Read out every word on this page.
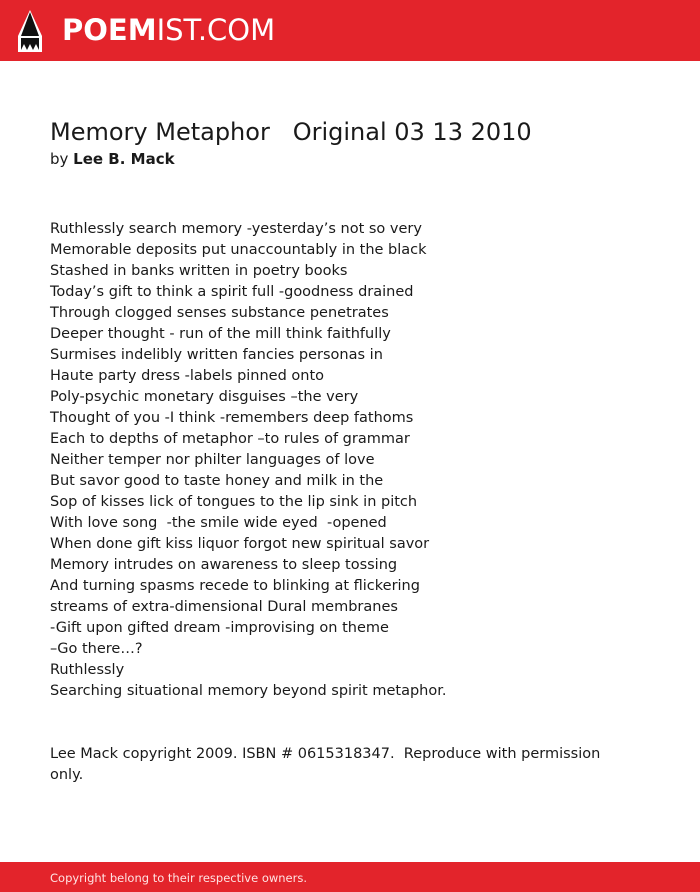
POEMIST.COM
Memory Metaphor   Original 03 13 2010
by Lee B. Mack
Ruthlessly search memory -yesterday’s not so very
Memorable deposits put unaccountably in the black
Stashed in banks written in poetry books
Today’s gift to think a spirit full -goodness drained
Through clogged senses substance penetrates
Deeper thought - run of the mill think faithfully
Surmises indelibly written fancies personas in
Haute party dress -labels pinned onto
Poly-psychic monetary disguises –the very
Thought of you -I think -remembers deep fathoms
Each to depths of metaphor –to rules of grammar
Neither temper nor philter languages of love
But savor good to taste honey and milk in the
Sop of kisses lick of tongues to the lip sink in pitch
With love song  -the smile wide eyed  -opened
When done gift kiss liquor forgot new spiritual savor
Memory intrudes on awareness to sleep tossing
And turning spasms recede to blinking at flickering
streams of extra-dimensional Dural membranes
-Gift upon gifted dream -improvising on theme
–Go there…?
Ruthlessly
Searching situational memory beyond spirit metaphor.
Lee Mack copyright 2009. ISBN # 0615318347.  Reproduce with permission only.
Copyright belong to their respective owners.
